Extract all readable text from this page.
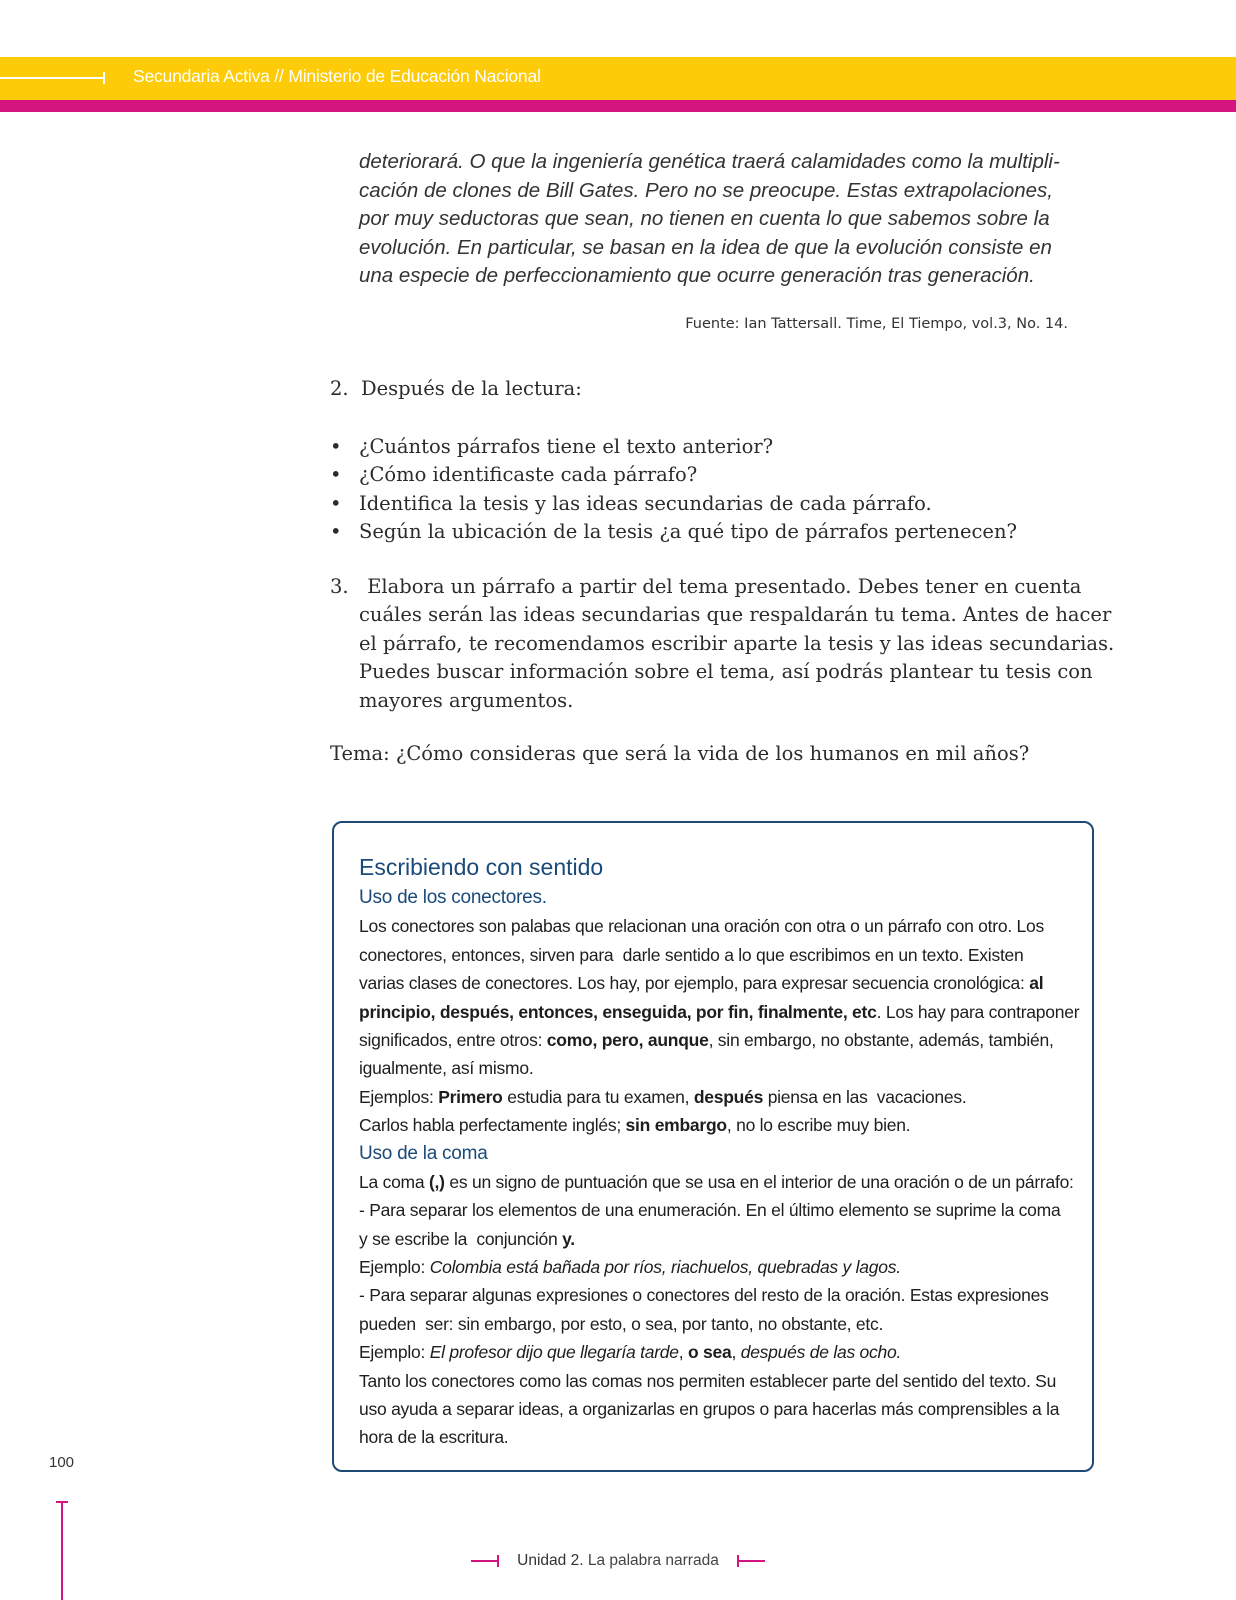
Secundaria Activa // Ministerio de Educación Nacional

deteriorará. O que la ingeniería genética traerá calamidades como la multipli-

cación de clones de Bill Gates. Pero no se preocupe. Estas extrapolaciones,

por muy seductoras que sean, no tienen en cuenta lo que sabemos sobre la

evolución. En particular, se basan en la idea de que la evolución consiste en

una especie de perfeccionamiento que ocurre generación tras generación.

Fuente: Ian Tattersall. Time, El Tiempo, vol.3, No. 14.
2.  Después de la lectura:
• ¿Cuántos párrafos tiene el texto anterior?
• ¿Cómo identificaste cada párrafo?
• Identifica la tesis y las ideas secundarias de cada párrafo.
• Según la ubicación de la tesis ¿a qué tipo de párrafos pertenecen?
3.   Elabora un párrafo a partir del tema presentado. Debes tener en cuenta
cuáles serán las ideas secundarias que respaldarán tu tema. Antes de hacer
el párrafo, te recomendamos escribir aparte la tesis y las ideas secundarias.
Puedes buscar información sobre el tema, así podrás plantear tu tesis con
mayores argumentos.
Tema: ¿Cómo consideras que será la vida de los humanos en mil años?
Escribiendo con sentido
Uso de los conectores.
Los conectores son palabas que relacionan una oración con otra o un párrafo con otro. Los
conectores, entonces, sirven para  darle sentido a lo que escribimos en un texto. Existen
varias clases de conectores. Los hay, por ejemplo, para expresar secuencia cronológica: al
principio, después, entonces, enseguida, por fin, finalmente, etc. Los hay para contraponer
significados, entre otros: como, pero, aunque, sin embargo, no obstante, además, también,
igualmente, así mismo.
Ejemplos: Primero estudia para tu examen, después piensa en las  vacaciones.
Carlos habla perfectamente inglés; sin embargo, no lo escribe muy bien.
Uso de la coma
La coma (,) es un signo de puntuación que se usa en el interior de una oración o de un párrafo:
- Para separar los elementos de una enumeración. En el último elemento se suprime la coma
y se escribe la  conjunción y.
Ejemplo: Colombia está bañada por ríos, riachuelos, quebradas y lagos.
- Para separar algunas expresiones o conectores del resto de la oración. Estas expresiones
pueden  ser: sin embargo, por esto, o sea, por tanto, no obstante, etc.
Ejemplo: El profesor dijo que llegaría tarde, o sea, después de las ocho.
Tanto los conectores como las comas nos permiten establecer parte del sentido del texto. Su
uso ayuda a separar ideas, a organizarlas en grupos o para hacerlas más comprensibles a la
hora de la escritura.
100
Unidad 2. La palabra narrada
